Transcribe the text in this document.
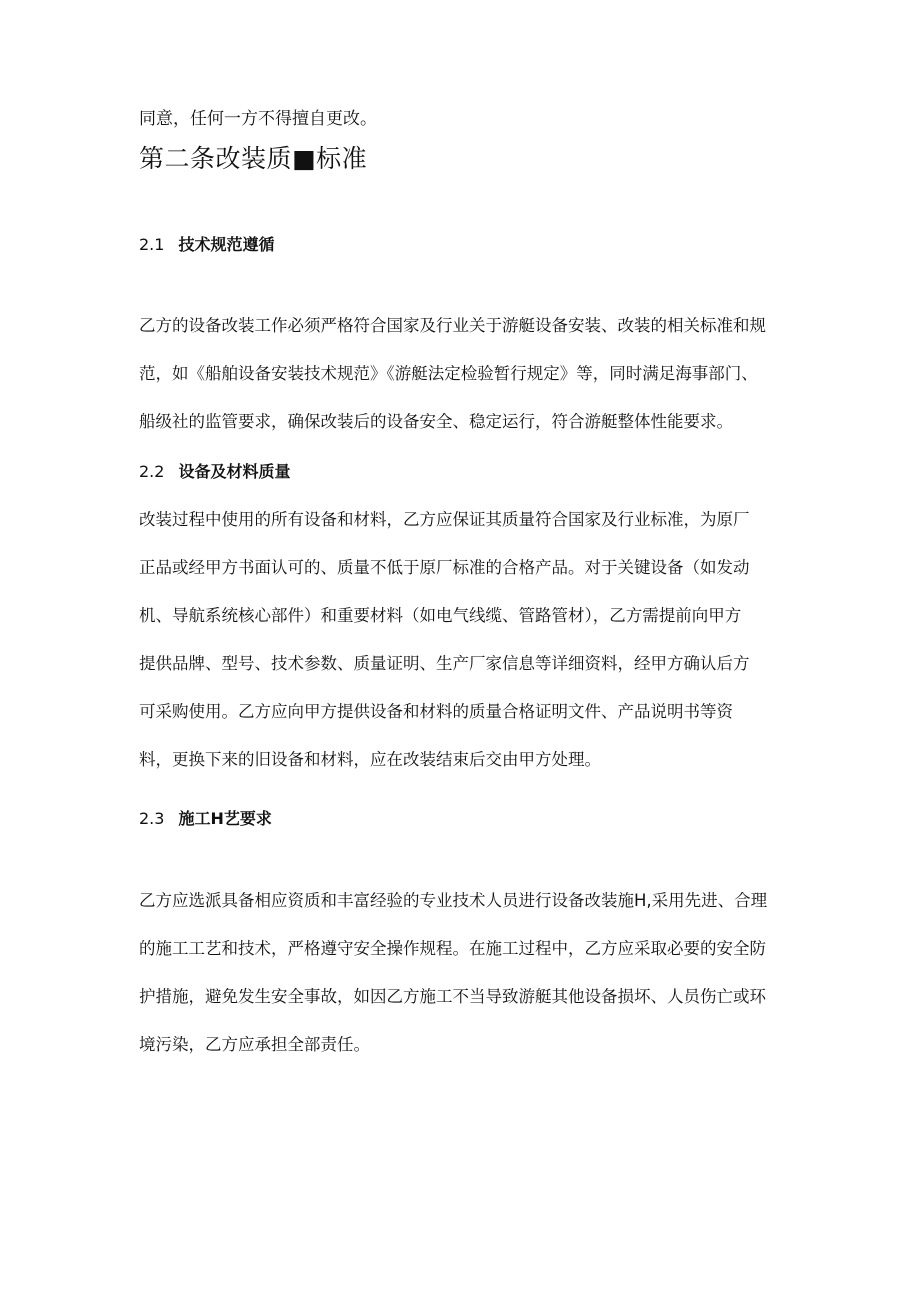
同意，任何一方不得擅自更改。

第二条改装质■标准
2.1 技术规范遵循
乙方的设备改装工作必须严格符合国家及行业关于游艇设备安装、改装的相关标准和规
范，如《船舶设备安装技术规范》《游艇法定检验暂行规定》等，同时满足海事部门、
船级社的监管要求，确保改装后的设备安全、稳定运行，符合游艇整体性能要求。
2.2 设备及材料质量
改装过程中使用的所有设备和材料，乙方应保证其质量符合国家及行业标准，为原厂
正品或经甲方书面认可的、质量不低于原厂标准的合格产品。对于关键设备（如发动
机、导航系统核心部件）和重要材料（如电气线缆、管路管材），乙方需提前向甲方
提供品牌、型号、技术参数、质量证明、生产厂家信息等详细资料，经甲方确认后方
可采购使用。乙方应向甲方提供设备和材料的质量合格证明文件、产品说明书等资
料，更换下来的旧设备和材料，应在改装结束后交由甲方处理。
2.3 施工H艺要求
乙方应选派具备相应资质和丰富经验的专业技术人员进行设备改装施H,采用先进、合理
的施工工艺和技术，严格遵守安全操作规程。在施工过程中，乙方应采取必要的安全防
护措施，避免发生安全事故，如因乙方施工不当导致游艇其他设备损坏、人员伤亡或环
境污染，乙方应承担全部责任。
